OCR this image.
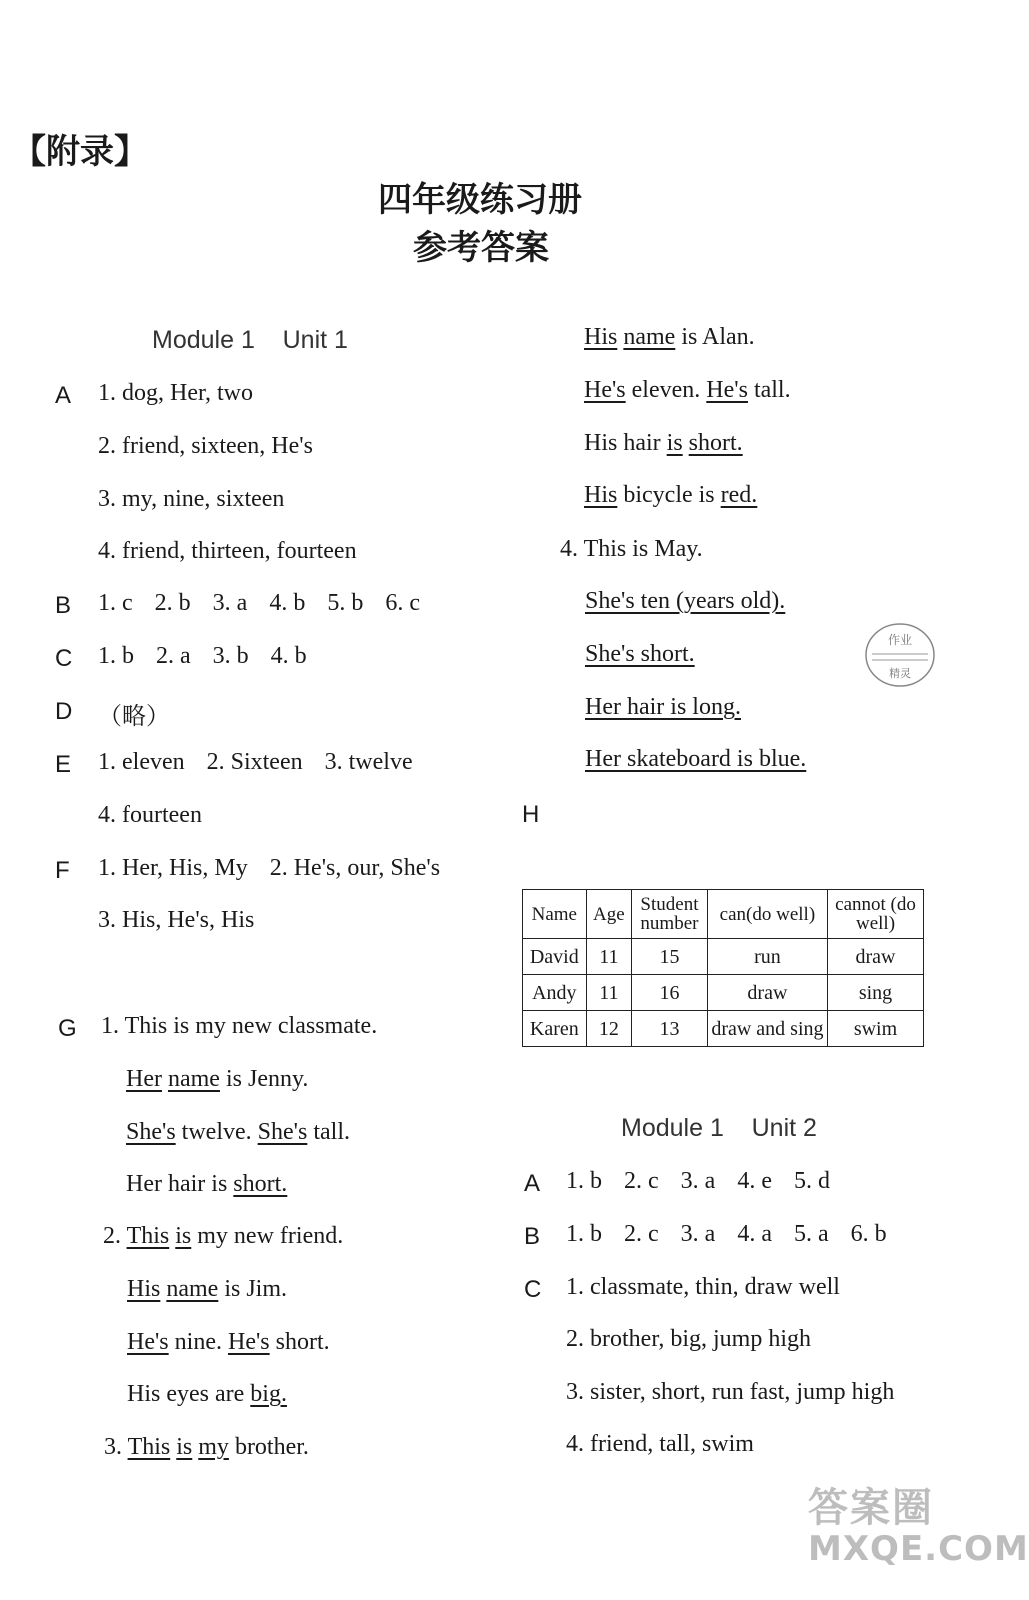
【附录】
四年级练习册
参考答案
Module 1    Unit 1
A 1. dog, Her, two
2. friend, sixteen, He's
3. my, nine, sixteen
4. friend, thirteen, fourteen
B 1. c 2. b 3. a 4. b 5. b 6. c
C 1. b 2. a 3. b 4. b
D （略）
E 1. eleven 2. Sixteen 3. twelve
4. fourteen
F 1. Her, His, My 2. He's, our, She's
3. His, He's, His
G 1. This is my new classmate.
Her name is Jenny.
She's twelve. She's tall.
Her hair is short.
2. This is my new friend.
His name is Jim.
He's nine. He's short.
His eyes are big.
3. This is my brother.
His name is Alan.
He's eleven. He's tall.
His hair is short.
His bicycle is red.
4. This is May.
She's ten (years old).
She's short.
Her hair is long.
Her skateboard is blue.
作业
精灵
H
Name	Age	Student number	can(do well)	cannot (do well)
David	11	15	run	draw
Andy	11	16	draw	sing
Karen	12	13	draw and sing	swim
Module 1    Unit 2
A 1. b 2. c 3. a 4. e 5. d
B 1. b 2. c 3. a 4. a 5. a 6. b
C 1. classmate, thin, draw well
2. brother, big, jump high
3. sister, short, run fast, jump high
4. friend, tall, swim
答案圈
MXQE.COM
